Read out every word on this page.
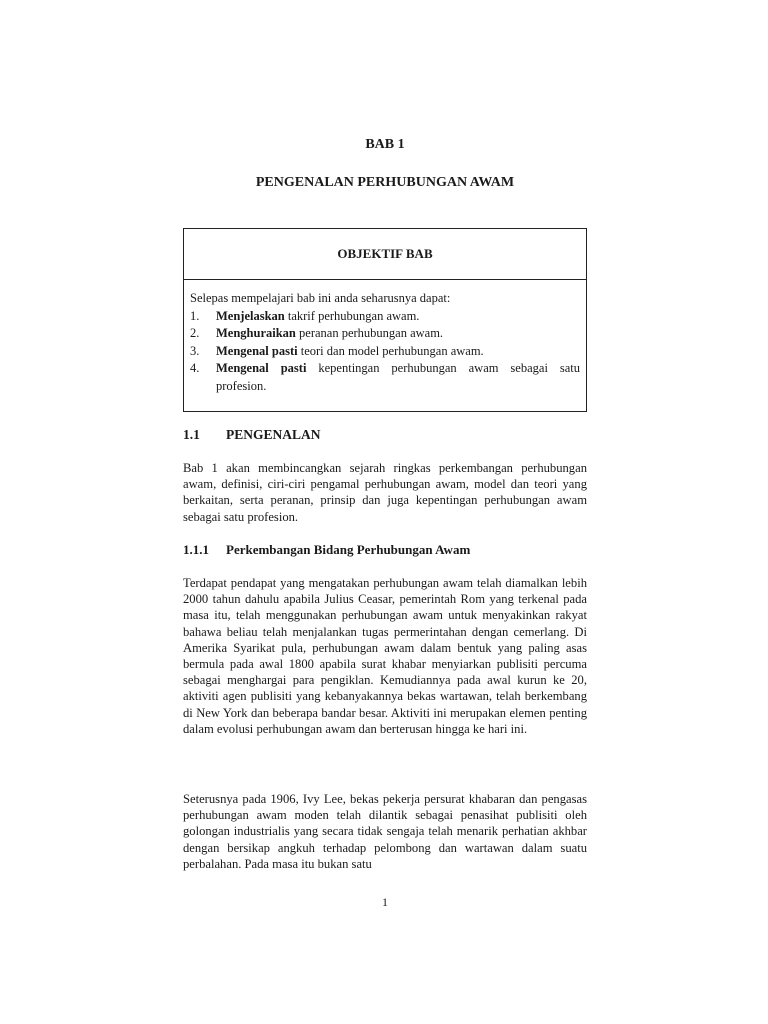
BAB 1
PENGENALAN PERHUBUNGAN AWAM
OBJEKTIF BAB
Selepas mempelajari bab ini anda seharusnya dapat:
1.	Menjelaskan takrif perhubungan awam.
2.	Menghuraikan peranan perhubungan awam.
3.	Mengenal pasti teori dan model perhubungan awam.
4.	Mengenal pasti kepentingan perhubungan awam sebagai satu profesion.
1.1 PENGENALAN

Bab 1 akan membincangkan sejarah ringkas perkembangan perhubungan awam, definisi, ciri-ciri pengamal perhubungan awam, model dan teori yang berkaitan, serta peranan, prinsip dan juga kepentingan perhubungan awam sebagai satu profesion.

1.1.1 Perkembangan Bidang Perhubungan Awam

Terdapat pendapat yang mengatakan perhubungan awam telah diamalkan lebih 2000 tahun dahulu apabila Julius Ceasar, pemerintah Rom yang terkenal pada masa itu, telah menggunakan perhubungan awam untuk menyakinkan rakyat bahawa beliau telah menjalankan tugas permerintahan dengan cemerlang. Di Amerika Syarikat pula, perhubungan awam dalam bentuk yang paling asas bermula pada awal 1800 apabila surat khabar menyiarkan publisiti percuma sebagai menghargai para pengiklan. Kemudiannya pada awal kurun ke 20, aktiviti agen publisiti yang kebanyakannya bekas wartawan, telah berkembang di New York dan beberapa bandar besar. Aktiviti ini merupakan elemen penting dalam evolusi perhubungan awam dan berterusan hingga ke hari ini.

Seterusnya pada 1906, Ivy Lee, bekas pekerja persurat khabaran dan pengasas perhubungan awam moden telah dilantik sebagai penasihat publisiti oleh golongan industrialis yang secara tidak sengaja telah menarik perhatian akhbar dengan bersikap angkuh terhadap pelombong dan wartawan dalam suatu perbalahan. Pada masa itu bukan satu

1
